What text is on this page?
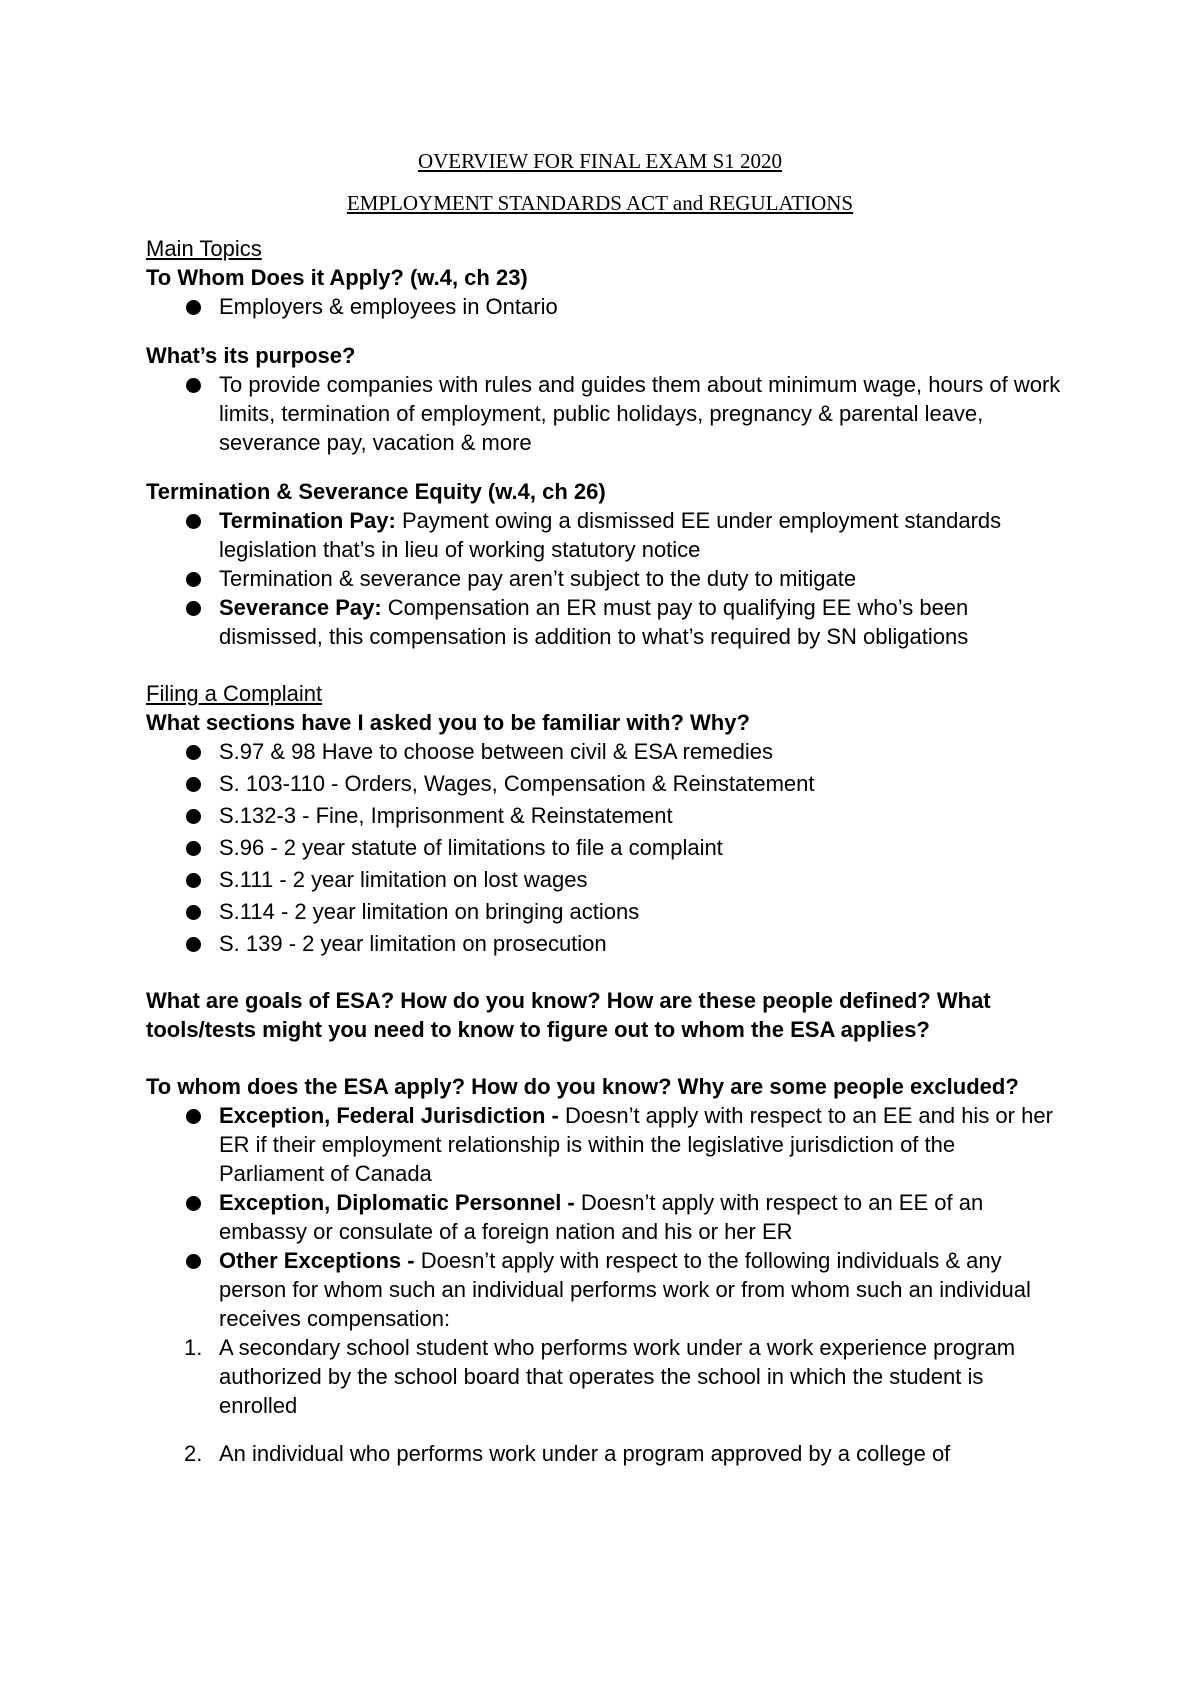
OVERVIEW FOR FINAL EXAM S1 2020
EMPLOYMENT STANDARDS ACT and REGULATIONS

Main Topics

To Whom Does it Apply? (w.4, ch 23)

Employers & employees in Ontario

What’s its purpose?

To provide companies with rules and guides them about minimum wage, hours of work limits, termination of employment, public holidays, pregnancy & parental leave, severance pay, vacation & more

Termination & Severance Equity (w.4, ch 26)

Termination Pay: Payment owing a dismissed EE under employment standards legislation that’s in lieu of working statutory notice
Termination & severance pay aren’t subject to the duty to mitigate
Severance Pay: Compensation an ER must pay to qualifying EE who’s been dismissed, this compensation is addition to what’s required by SN obligations

Filing a Complaint

What sections have I asked you to be familiar with? Why?

S.97 & 98 Have to choose between civil & ESA remedies
S. 103-110 - Orders, Wages, Compensation & Reinstatement
S.132-3 - Fine, Imprisonment & Reinstatement
S.96 - 2 year statute of limitations to file a complaint
S.111 - 2 year limitation on lost wages
S.114 - 2 year limitation on bringing actions
S. 139 - 2 year limitation on prosecution

What are goals of ESA? How do you know? How are these people defined? What tools/tests might you need to know to figure out to whom the ESA applies?

To whom does the ESA apply? How do you know? Why are some people excluded?

Exception, Federal Jurisdiction - Doesn’t apply with respect to an EE and his or her ER if their employment relationship is within the legislative jurisdiction of the Parliament of Canada
Exception, Diplomatic Personnel - Doesn’t apply with respect to an EE of an embassy or consulate of a foreign nation and his or her ER
Other Exceptions - Doesn’t apply with respect to the following individuals & any person for whom such an individual performs work or from whom such an individual receives compensation:
1. A secondary school student who performs work under a work experience program authorized by the school board that operates the school in which the student is enrolled
2. An individual who performs work under a program approved by a college of
